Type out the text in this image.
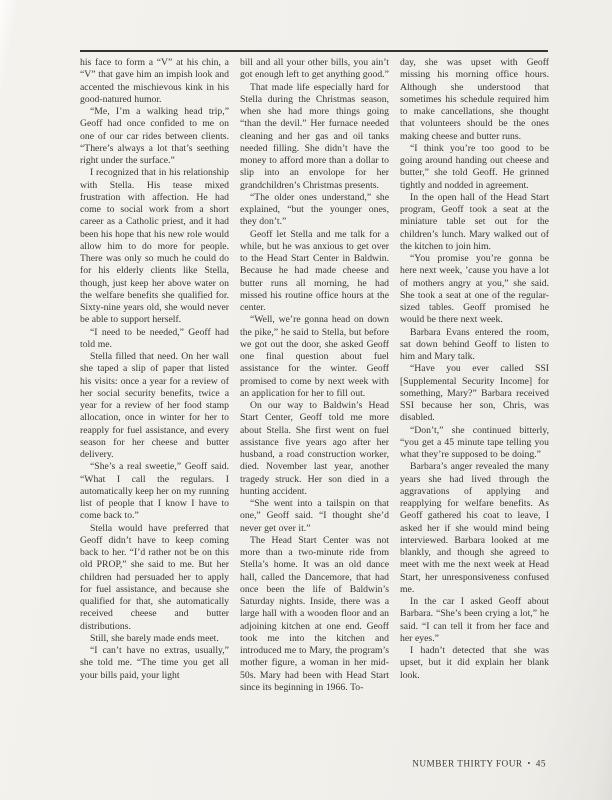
his face to form a “V” at his chin, a “V” that gave him an impish look and accented the mischievous kink in his good-natured humor.

“Me, I’m a walking head trip,” Geoff had once confided to me on one of our car rides between clients. “There’s always a lot that’s seething right under the surface.”

I recognized that in his relationship with Stella. His tease mixed frustration with affection. He had come to social work from a short career as a Catholic priest, and it had been his hope that his new role would allow him to do more for people. There was only so much he could do for his elderly clients like Stella, though, just keep her above water on the welfare benefits she qualified for. Sixty-nine years old, she would never be able to support herself.

“I need to be needed,” Geoff had told me.

Stella filled that need. On her wall she taped a slip of paper that listed his visits: once a year for a review of her social security benefits, twice a year for a review of her food stamp allocation, once in winter for her to reapply for fuel assistance, and every season for her cheese and butter delivery.

“She’s a real sweetie,” Geoff said. “What I call the regulars. I automatically keep her on my running list of people that I know I have to come back to.”

Stella would have preferred that Geoff didn’t have to keep coming back to her. “I’d rather not be on this old PROP,” she said to me. But her children had persuaded her to apply for fuel assistance, and because she qualified for that, she automatically received cheese and butter distributions.

Still, she barely made ends meet.

“I can’t have no extras, usually,” she told me. “The time you get all your bills paid, your light

bill and all your other bills, you ain’t got enough left to get anything good.”

That made life especially hard for Stella during the Christmas season, when she had more things going “than the devil.” Her furnace needed cleaning and her gas and oil tanks needed filling. She didn’t have the money to afford more than a dollar to slip into an envolope for her grandchildren’s Christmas presents.

“The older ones understand,” she explained, “but the younger ones, they don’t.”

Geoff let Stella and me talk for a while, but he was anxious to get over to the Head Start Center in Baldwin. Because he had made cheese and butter runs all morning, he had missed his routine office hours at the center.

“Well, we’re gonna head on down the pike,” he said to Stella, but before we got out the door, she asked Geoff one final question about fuel assistance for the winter. Geoff promised to come by next week with an application for her to fill out.

On our way to Baldwin’s Head Start Center, Geoff told me more about Stella. She first went on fuel assistance five years ago after her husband, a road construction worker, died. November last year, another tragedy struck. Her son died in a hunting accident.

“She went into a tailspin on that one,” Geoff said. “I thought she’d never get over it.”

The Head Start Center was not more than a two-minute ride from Stella’s home. It was an old dance hall, called the Dancemore, that had once been the life of Baldwin’s Saturday nights. Inside, there was a large hall with a wooden floor and an adjoining kitchen at one end. Geoff took me into the kitchen and introduced me to Mary, the program’s mother figure, a woman in her mid-50s. Mary had been with Head Start since its beginning in 1966. To-

day, she was upset with Geoff missing his morning office hours. Although she understood that sometimes his schedule required him to make cancellations, she thought that volunteers should be the ones making cheese and butter runs.

“I think you’re too good to be going around handing out cheese and butter,” she told Geoff. He grinned tightly and nodded in agreement.

In the open hall of the Head Start program, Geoff took a seat at the miniature table set out for the children’s lunch. Mary walked out of the kitchen to join him.

“You promise you’re gonna be here next week, ’cause you have a lot of mothers angry at you,” she said. She took a seat at one of the regular-sized tables. Geoff promised he would be there next week.

Barbara Evans entered the room, sat down behind Geoff to listen to him and Mary talk.

“Have you ever called SSI [Supplemental Security Income] for something, Mary?” Barbara received SSI because her son, Chris, was disabled.

“Don’t,” she continued bitterly, “you get a 45 minute tape telling you what they’re supposed to be doing.”

Barbara’s anger revealed the many years she had lived through the aggravations of applying and reapplying for welfare benefits. As Geoff gathered his coat to leave, I asked her if she would mind being interviewed. Barbara looked at me blankly, and though she agreed to meet with me the next week at Head Start, her unresponsiveness confused me.

In the car I asked Geoff about Barbara. “She’s been crying a lot,” he said. “I can tell it from her face and her eyes.”

I hadn’t detected that she was upset, but it did explain her blank look.

NUMBER THIRTY FOUR • 45
